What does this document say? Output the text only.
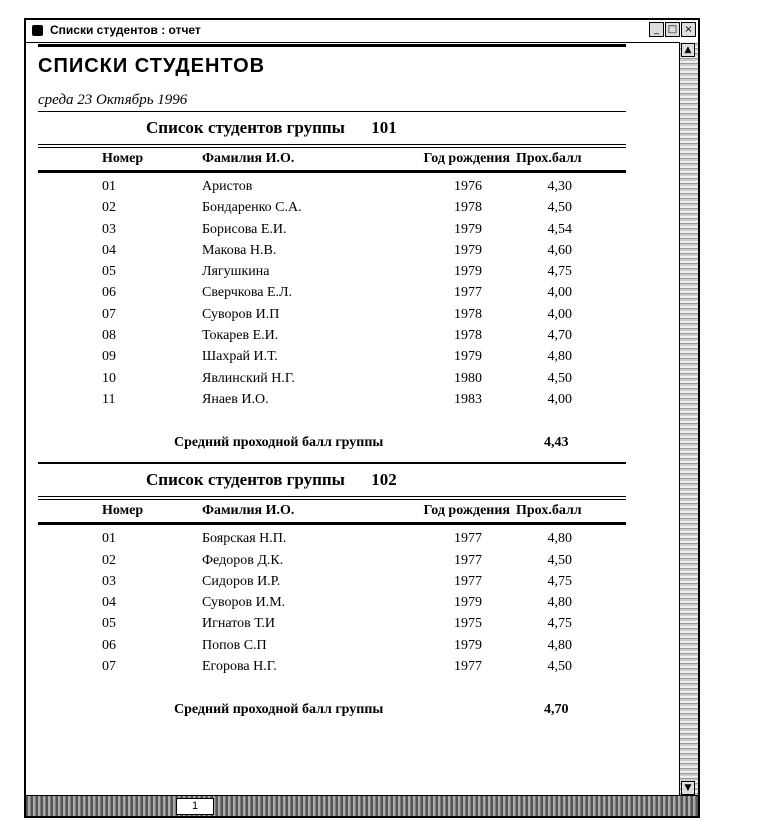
Списки студентов : отчет	_ □ ×
▲
▼
СПИСКИ СТУДЕНТОВ
среда 23 Октябрь 1996
Список студентов группы 101
Номер	Фамилия И.О.	Год рождения Прох.балл
01	Аристов	1976	4,30
02	Бондаренко С.А.	1978	4,50
03	Борисова Е.И.	1979	4,54
04	Макова Н.В.	1979	4,60
05	Лягушкина	1979	4,75
06	Сверчкова Е.Л.	1977	4,00
07	Суворов И.П	1978	4,00
08	Токарев Е.И.	1978	4,70
09	Шахрай И.Т.	1979	4,80
10	Явлинский Н.Г.	1980	4,50
11	Янаев И.О.	1983	4,00
Средний проходной балл группы	4,43
Список студентов группы 102
Номер	Фамилия И.О.	Год рождения Прох.балл
01	Боярская Н.П.	1977	4,80
02	Федоров Д.К.	1977	4,50
03	Сидоров И.Р.	1977	4,75
04	Суворов И.М.	1979	4,80
05	Игнатов Т.И	1975	4,75
06	Попов С.П	1979	4,80
07	Егорова Н.Г.	1977	4,50
Средний проходной балл группы	4,70
1
